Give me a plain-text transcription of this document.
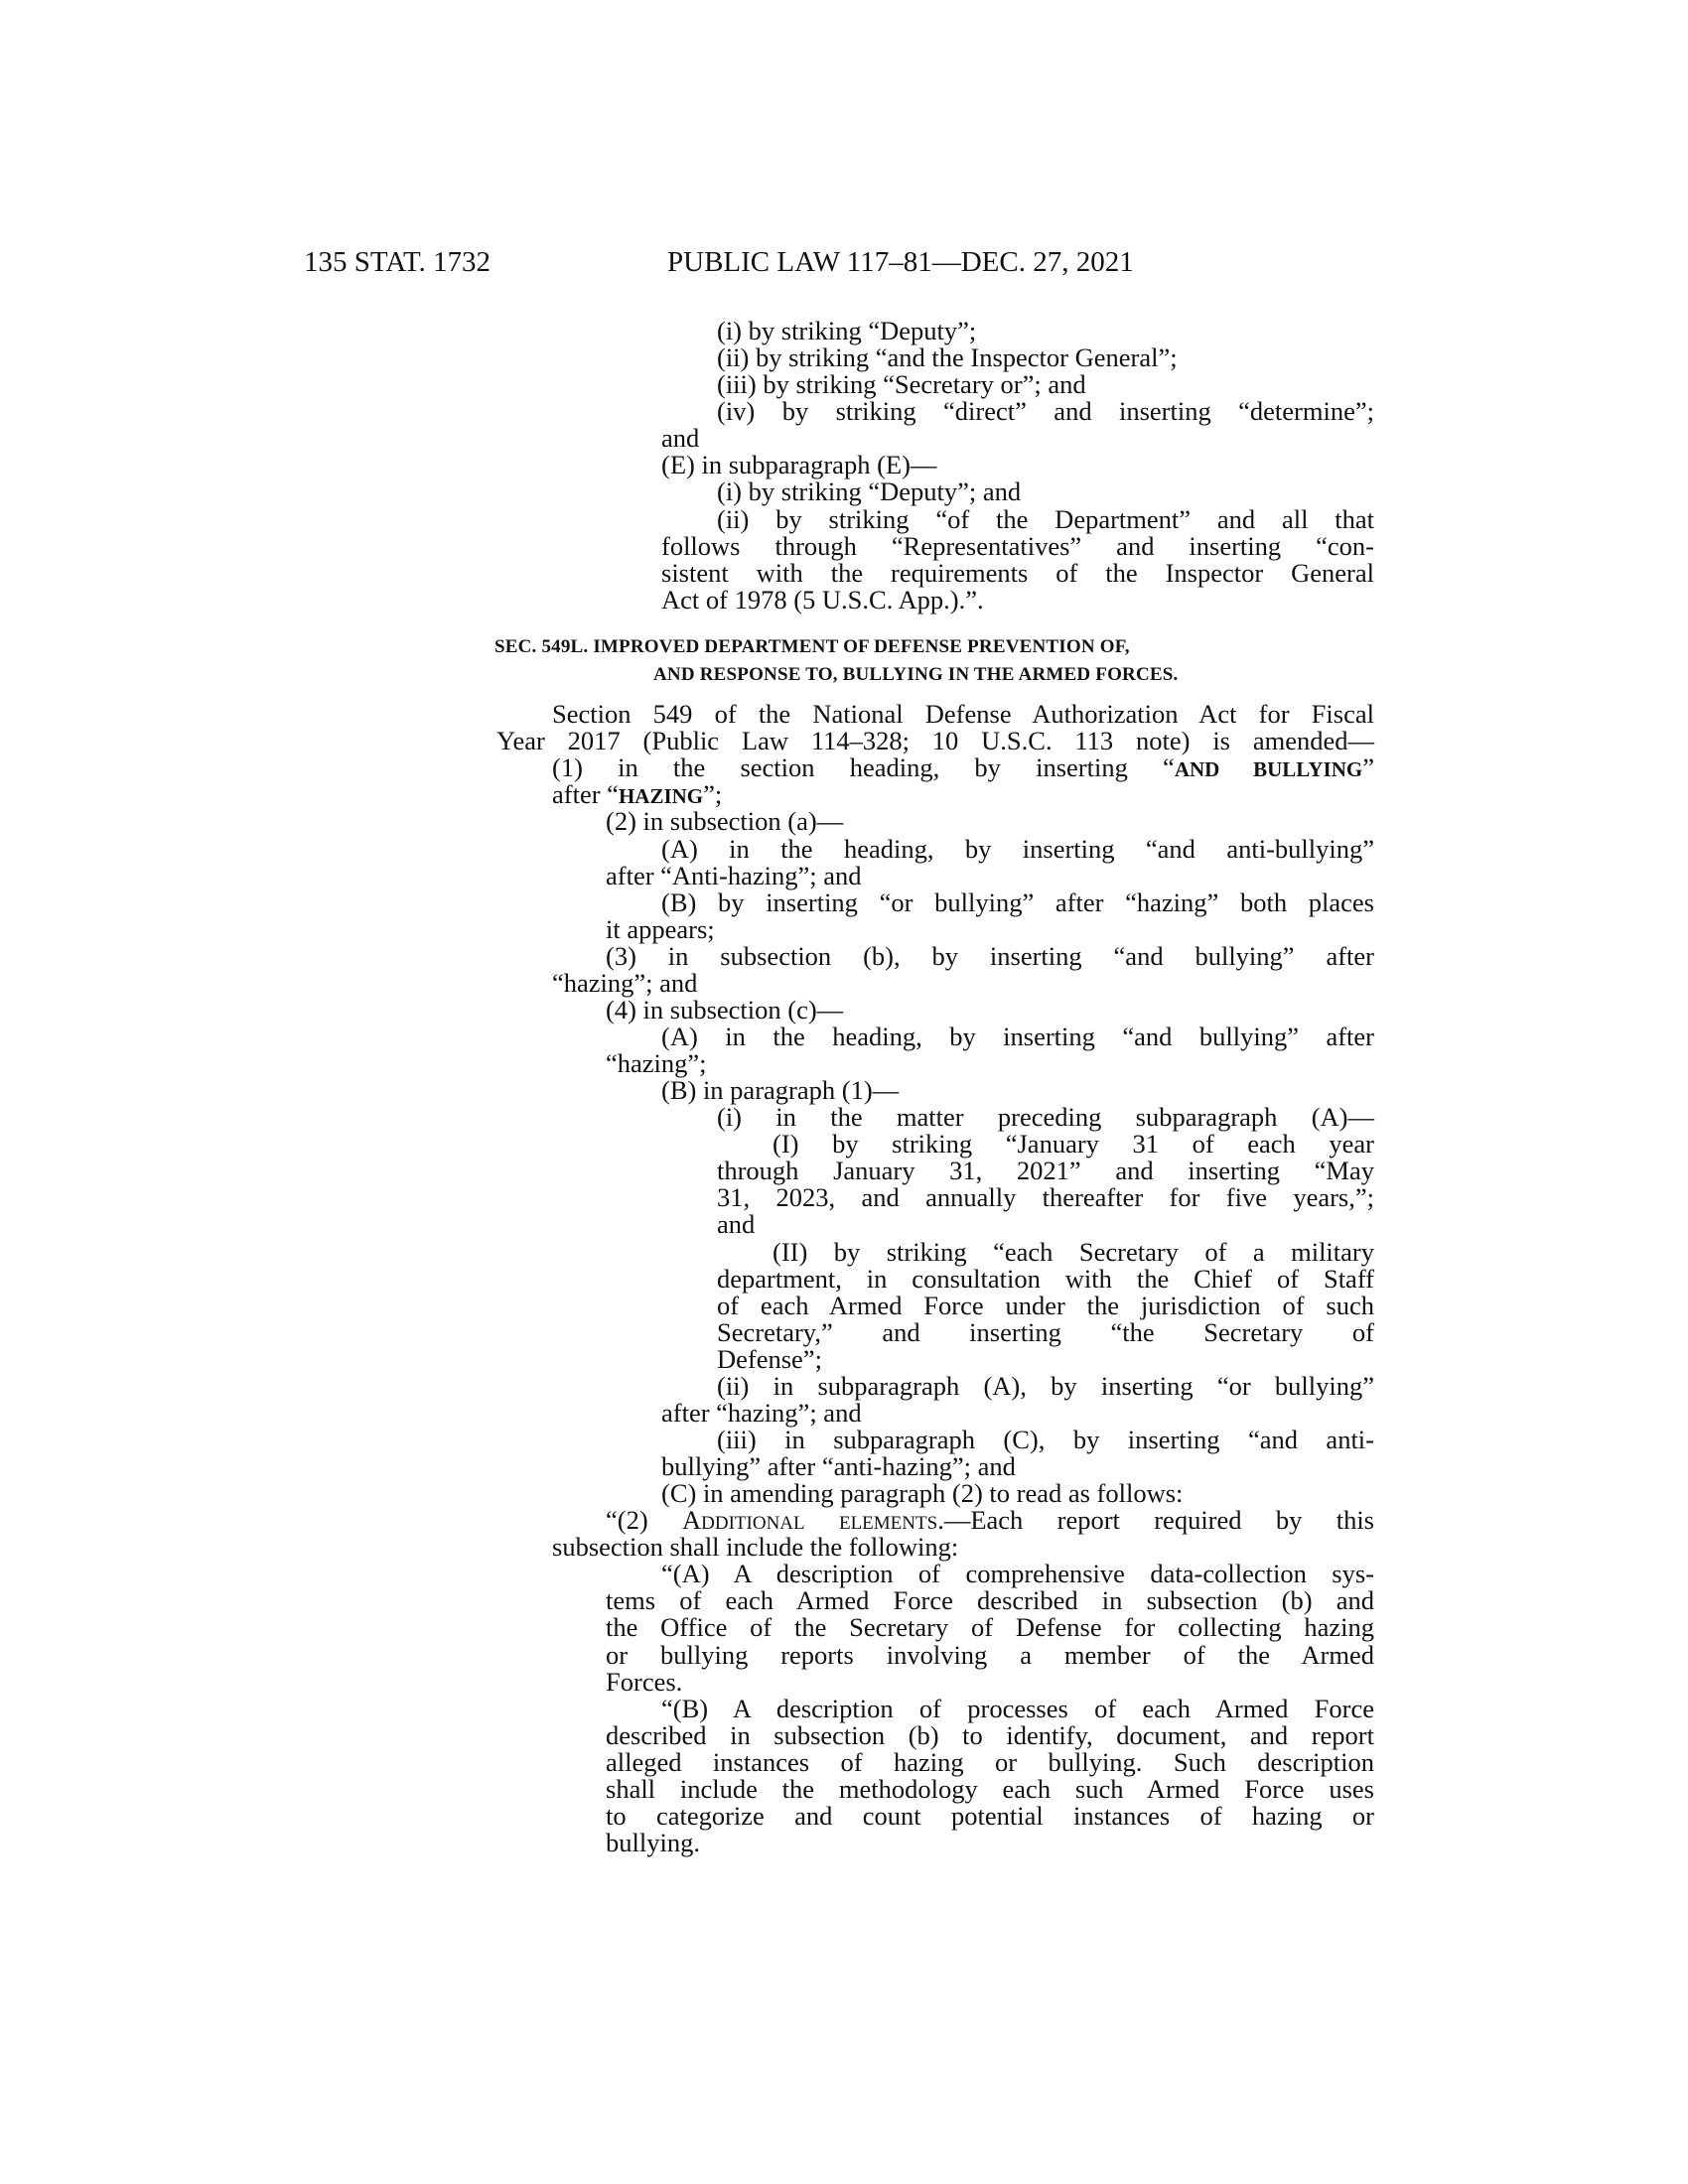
135 STAT. 1732	PUBLIC LAW 117–81—DEC. 27, 2021
(i) by striking “Deputy”;
(ii) by striking “and the Inspector General”;
(iii) by striking “Secretary or”; and
(iv) by striking “direct” and inserting “determine”;
and
(E) in subparagraph (E)—
(i) by striking “Deputy”; and
(ii) by striking “of the Department” and all that
follows through “Representatives” and inserting “con-
sistent with the requirements of the Inspector General
Act of 1978 (5 U.S.C. App.).”.
SEC. 549L. IMPROVED DEPARTMENT OF DEFENSE PREVENTION OF,
AND RESPONSE TO, BULLYING IN THE ARMED FORCES.
Section 549 of the National Defense Authorization Act for Fiscal
Year 2017 (Public Law 114–328; 10 U.S.C. 113 note) is amended—
(1) in the section heading, by inserting “AND BULLYING”
after “HAZING”;
(2) in subsection (a)—
(A) in the heading, by inserting “and anti-bullying”
after “Anti-hazing”; and
(B) by inserting “or bullying” after “hazing” both places
it appears;
(3) in subsection (b), by inserting “and bullying” after
“hazing”; and
(4) in subsection (c)—
(A) in the heading, by inserting “and bullying” after
“hazing”;
(B) in paragraph (1)—
(i) in the matter preceding subparagraph (A)—
(I) by striking “January 31 of each year
through January 31, 2021” and inserting “May
31, 2023, and annually thereafter for five years,”;
and
(II) by striking “each Secretary of a military
department, in consultation with the Chief of Staff
of each Armed Force under the jurisdiction of such
Secretary,” and inserting “the Secretary of
Defense”;
(ii) in subparagraph (A), by inserting “or bullying”
after “hazing”; and
(iii) in subparagraph (C), by inserting “and anti-
bullying” after “anti-hazing”; and
(C) in amending paragraph (2) to read as follows:
“(2) Additional elements.—Each report required by this
subsection shall include the following:
“(A) A description of comprehensive data-collection sys-
tems of each Armed Force described in subsection (b) and
the Office of the Secretary of Defense for collecting hazing
or bullying reports involving a member of the Armed
Forces.
“(B) A description of processes of each Armed Force
described in subsection (b) to identify, document, and report
alleged instances of hazing or bullying. Such description
shall include the methodology each such Armed Force uses
to categorize and count potential instances of hazing or
bullying.
